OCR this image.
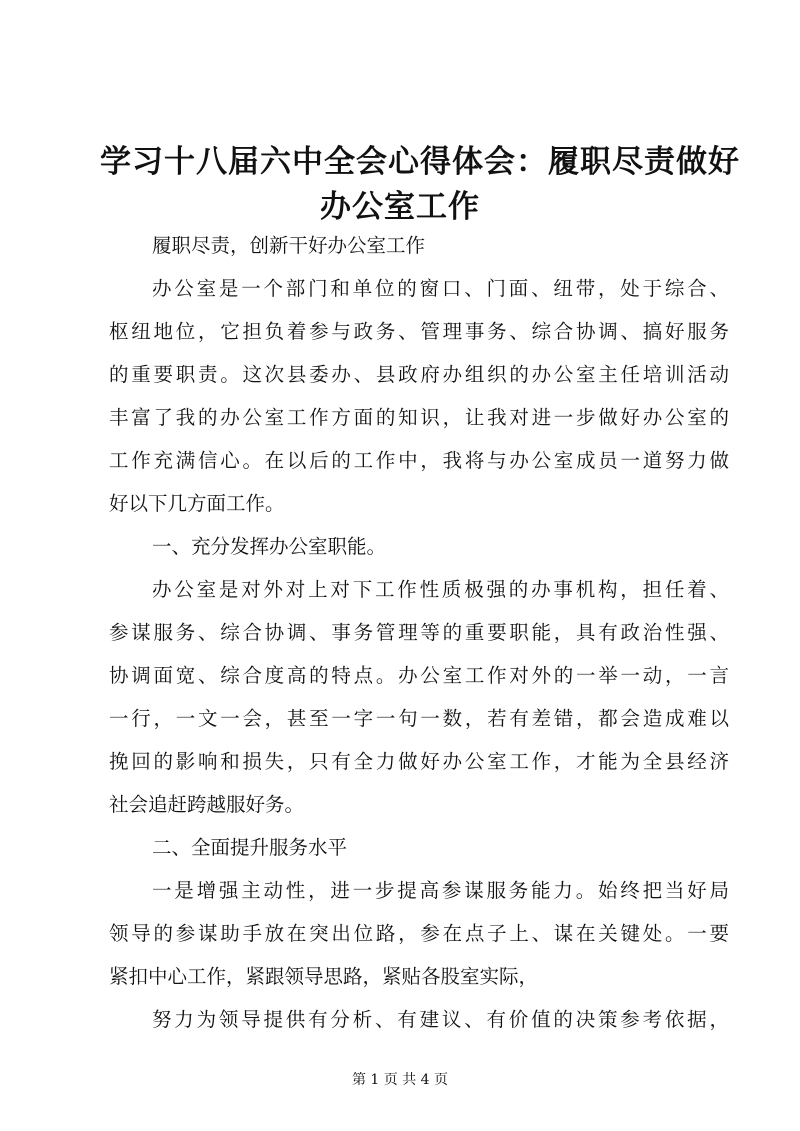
学习十八届六中全会心得体会：履职尽责做好
办公室工作
履职尽责，创新干好办公室工作
办公室是一个部门和单位的窗口、门面、纽带，处于综合、
枢纽地位，它担负着参与政务、管理事务、综合协调、搞好服务
的重要职责。这次县委办、县政府办组织的办公室主任培训活动
丰富了我的办公室工作方面的知识，让我对进一步做好办公室的
工作充满信心。在以后的工作中，我将与办公室成员一道努力做
好以下几方面工作。
一、充分发挥办公室职能。
办公室是对外对上对下工作性质极强的办事机构，担任着、
参谋服务、综合协调、事务管理等的重要职能，具有政治性强、
协调面宽、综合度高的特点。办公室工作对外的一举一动，一言
一行，一文一会，甚至一字一句一数，若有差错，都会造成难以
挽回的影响和损失，只有全力做好办公室工作，才能为全县经济
社会追赶跨越服好务。
二、全面提升服务水平
一是增强主动性，进一步提高参谋服务能力。始终把当好局
领导的参谋助手放在突出位路，参在点子上、谋在关键处。一要
紧扣中心工作，紧跟领导思路，紧贴各股室实际，
努力为领导提供有分析、有建议、有价值的决策参考依据，
第 1 页 共 4 页
